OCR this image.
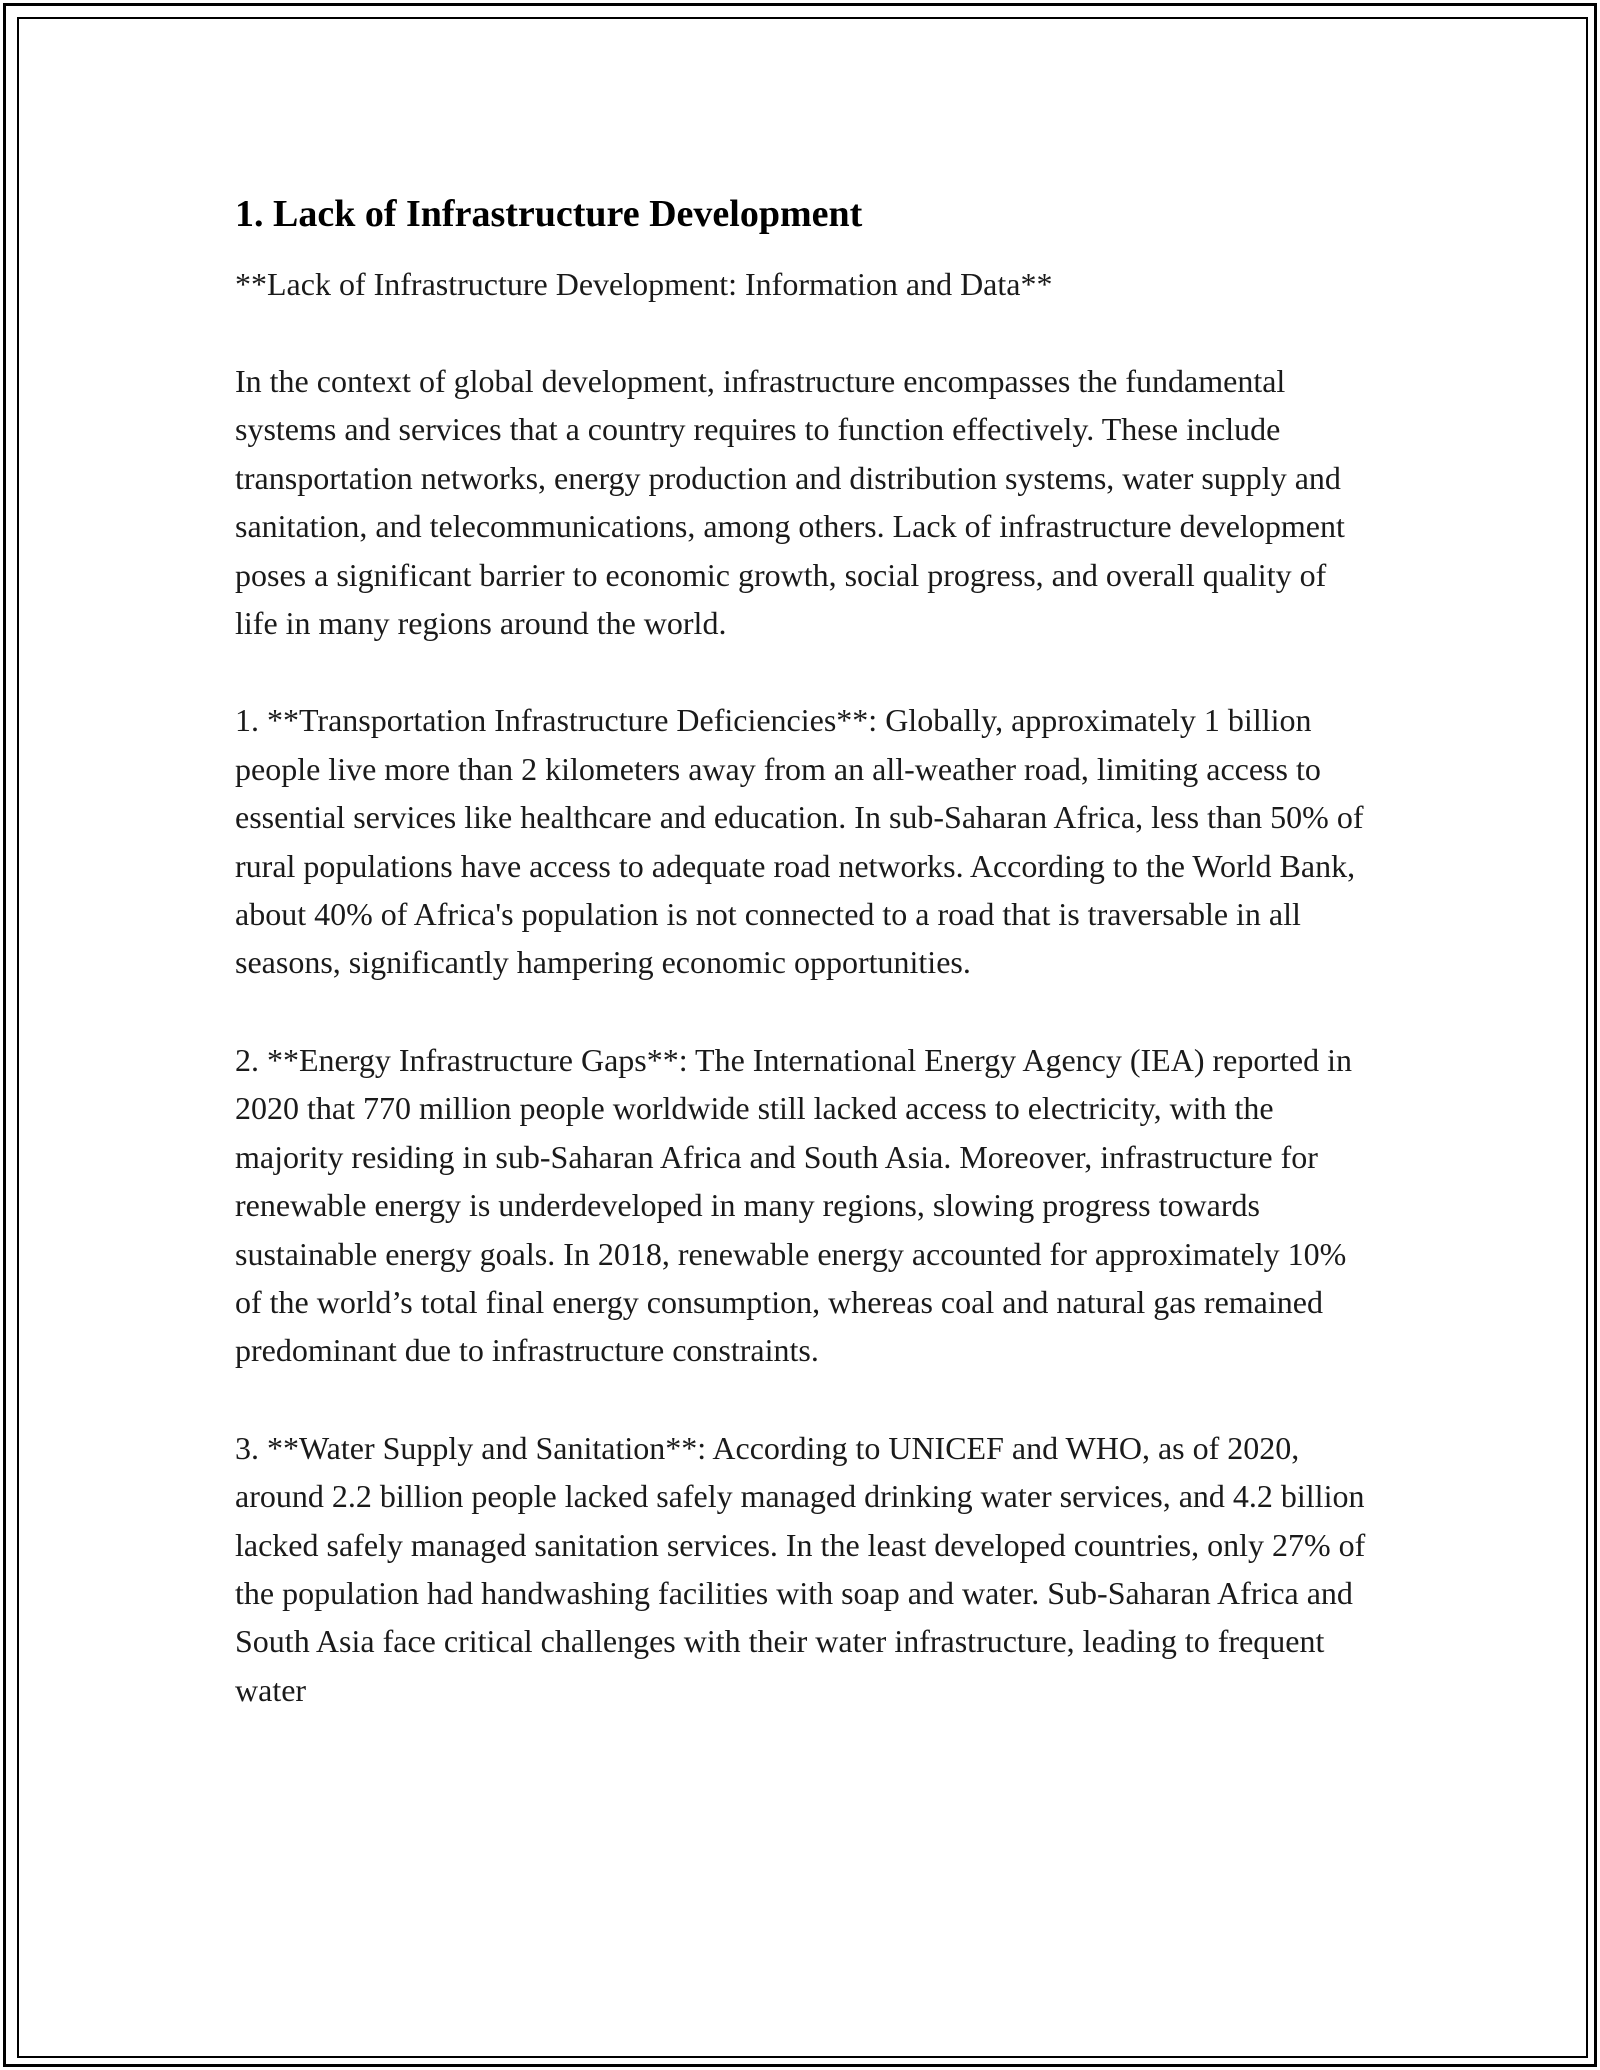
1. Lack of Infrastructure Development

**Lack of Infrastructure Development: Information and Data**

In the context of global development, infrastructure encompasses the fundamental systems and services that a country requires to function effectively. These include transportation networks, energy production and distribution systems, water supply and sanitation, and telecommunications, among others. Lack of infrastructure development poses a significant barrier to economic growth, social progress, and overall quality of life in many regions around the world.

1. **Transportation Infrastructure Deficiencies**: Globally, approximately 1 billion people live more than 2 kilometers away from an all-weather road, limiting access to essential services like healthcare and education. In sub-Saharan Africa, less than 50% of rural populations have access to adequate road networks. According to the World Bank, about 40% of Africa's population is not connected to a road that is traversable in all seasons, significantly hampering economic opportunities.

2. **Energy Infrastructure Gaps**: The International Energy Agency (IEA) reported in 2020 that 770 million people worldwide still lacked access to electricity, with the majority residing in sub-Saharan Africa and South Asia. Moreover, infrastructure for renewable energy is underdeveloped in many regions, slowing progress towards sustainable energy goals. In 2018, renewable energy accounted for approximately 10% of the world’s total final energy consumption, whereas coal and natural gas remained predominant due to infrastructure constraints.

3. **Water Supply and Sanitation**: According to UNICEF and WHO, as of 2020, around 2.2 billion people lacked safely managed drinking water services, and 4.2 billion lacked safely managed sanitation services. In the least developed countries, only 27% of the population had handwashing facilities with soap and water. Sub-Saharan Africa and South Asia face critical challenges with their water infrastructure, leading to frequent water
